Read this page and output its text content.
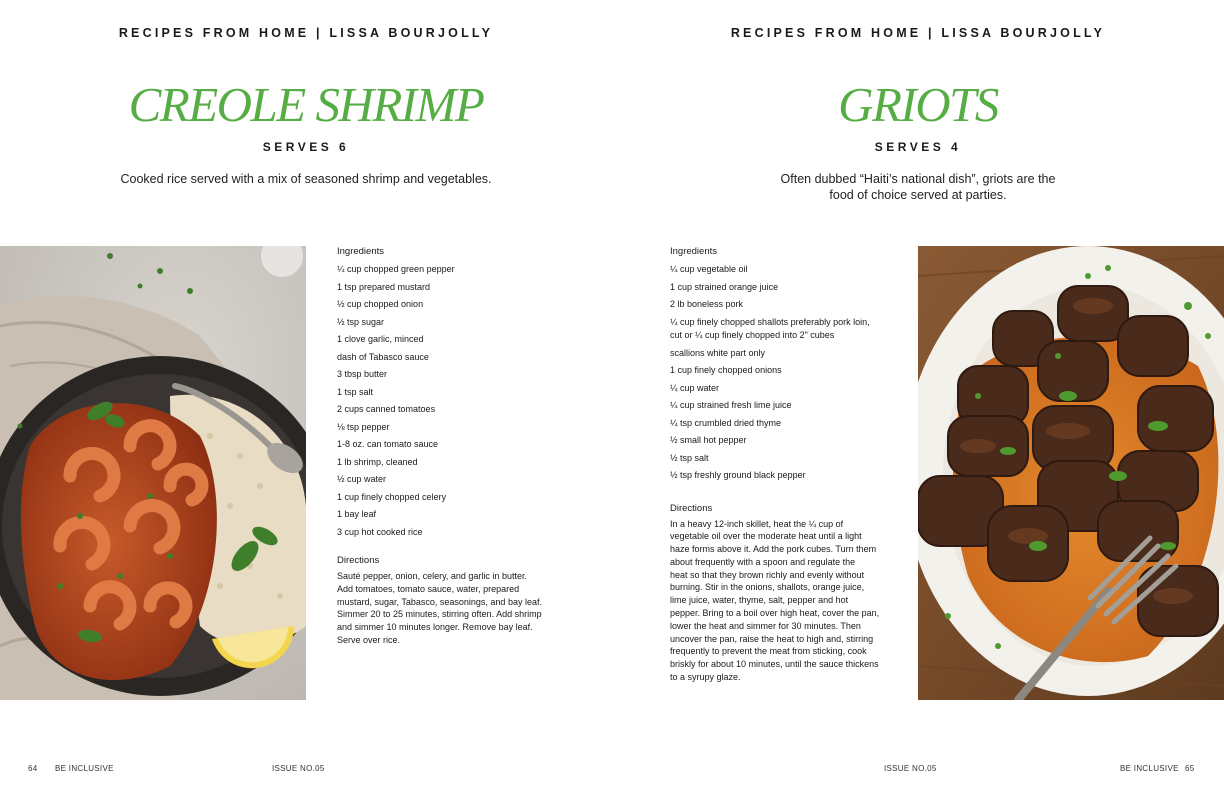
RECIPES FROM HOME | LISSA BOURJOLLY
CREOLE SHRIMP
SERVES 6

Cooked rice served with a mix of seasoned shrimp and vegetables.

Ingredients
¼ cup chopped green pepper
1 tsp prepared mustard
½ cup chopped onion
½ tsp sugar
1 clove garlic, minced
dash of Tabasco sauce
3 tbsp butter
1 tsp salt
2 cups canned tomatoes
⅛ tsp pepper
1-8 oz. can tomato sauce
1 lb shrimp, cleaned
½ cup water
1 cup finely chopped celery
1 bay leaf
3 cup hot cooked rice
Directions
Sauté pepper, onion, celery, and garlic in butter.
Add tomatoes, tomato sauce, water, prepared
mustard, sugar, Tabasco, seasonings, and bay leaf.
Simmer 20 to 25 minutes, stirring often. Add shrimp
and simmer 10 minutes longer. Remove bay leaf.
Serve over rice.
64 BE INCLUSIVE	ISSUE NO.05
RECIPES FROM HOME | LISSA BOURJOLLY
GRIOTS
SERVES 4

Often dubbed “Haiti’s national dish”, griots are the
food of choice served at parties.

Ingredients
¼ cup vegetable oil
1 cup strained orange juice
2 lb boneless pork
¼ cup finely chopped shallots preferably pork loin,
cut or ¼ cup finely chopped into 2" cubes
scallions white part only
1 cup finely chopped onions
¼ cup water
¼ cup strained fresh lime juice
¼ tsp crumbled dried thyme
½ small hot pepper
½ tsp salt
½ tsp freshly ground black pepper
Directions
In a heavy 12-inch skillet, heat the ¼ cup of
vegetable oil over the moderate heat until a light
haze forms above it. Add the pork cubes. Turn them
about frequently with a spoon and regulate the
heat so that they brown richly and evenly without
burning. Stir in the onions, shallots, orange juice,
lime juice, water, thyme, salt, pepper and hot
pepper. Bring to a boil over high heat, cover the pan,
lower the heat and simmer for 30 minutes. Then
uncover the pan, raise the heat to high and, stirring
frequently to prevent the meat from sticking, cook
briskly for about 10 minutes, until the sauce thickens
to a syrupy glaze.
ISSUE NO.05	BE INCLUSIVE 65
